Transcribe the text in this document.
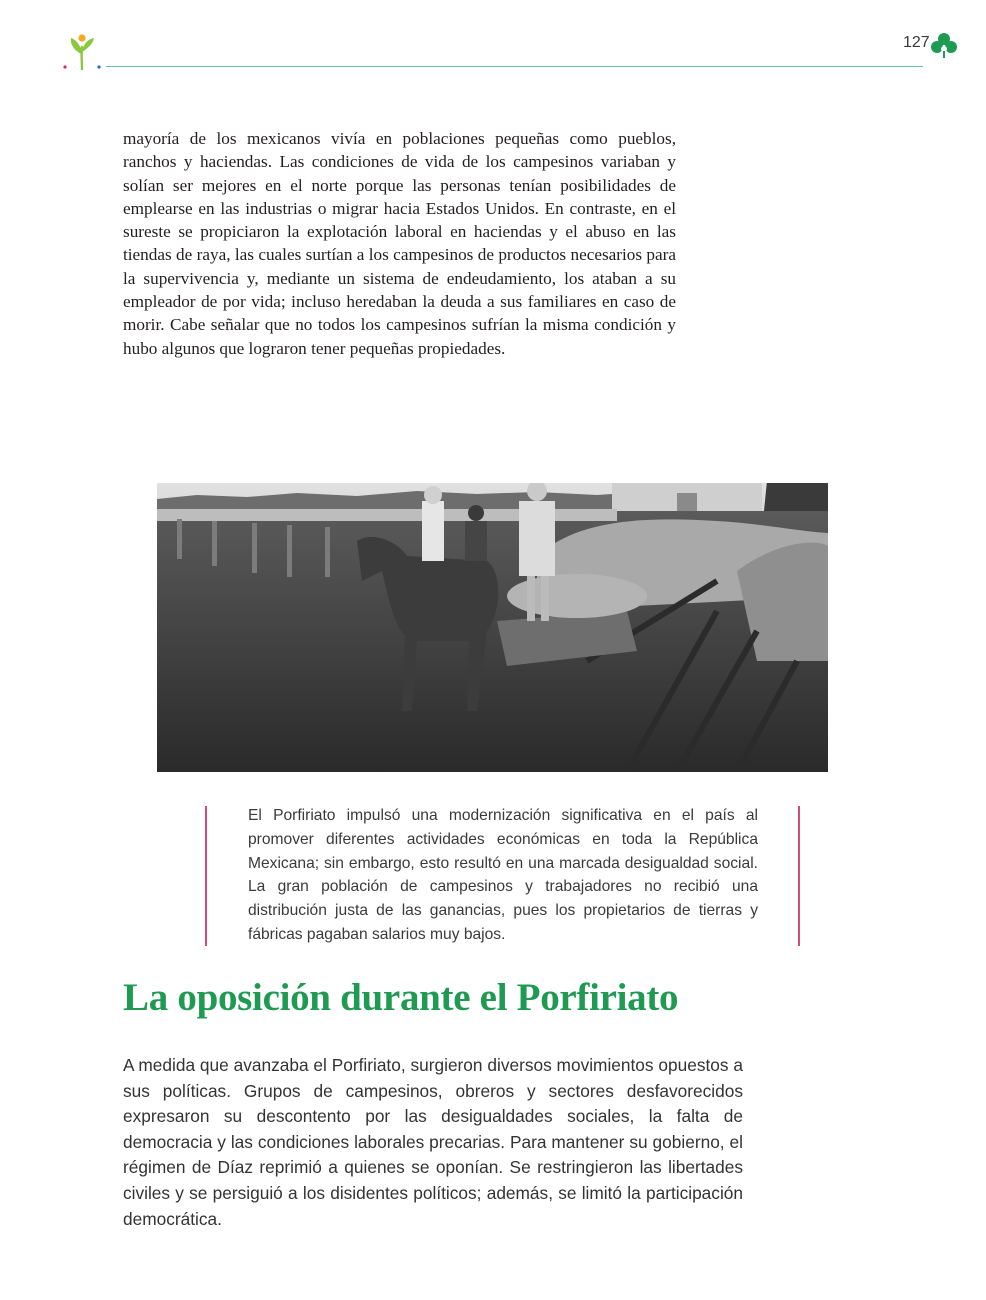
127

mayoría de los mexicanos vivía en poblaciones pequeñas como pueblos, ranchos y haciendas. Las condiciones de vida de los campesinos variaban y solían ser mejores en el norte porque las personas tenían posibilidades de emplearse en las industrias o migrar hacia Estados Unidos. En contraste, en el sureste se propiciaron la explotación laboral en haciendas y el abuso en las tiendas de raya, las cuales surtían a los campesinos de productos necesarios para la supervivencia y, mediante un sistema de endeudamiento, los ataban a su empleador de por vida; incluso heredaban la deuda a sus familiares en caso de morir. Cabe señalar que no todos los campesinos sufrían la misma condición y hubo algunos que lograron tener pequeñas propiedades.

El Porfiriato impulsó una modernización significativa en el país al promover diferentes actividades económicas en toda la República Mexicana; sin embargo, esto resultó en una marcada desigualdad social. La gran población de campesinos y trabajadores no recibió una distribución justa de las ganancias, pues los propietarios de tierras y fábricas pagaban salarios muy bajos.

La oposición durante el Porfiriato

A medida que avanzaba el Porfiriato, surgieron diversos movimientos opuestos a sus políticas. Grupos de campesinos, obreros y sectores desfavorecidos expresaron su descontento por las desigualdades sociales, la falta de democracia y las condiciones laborales precarias. Para mantener su gobierno, el régimen de Díaz reprimió a quienes se oponían. Se restringieron las libertades civiles y se persiguió a los disidentes políticos; además, se limitó la participación democrática.
